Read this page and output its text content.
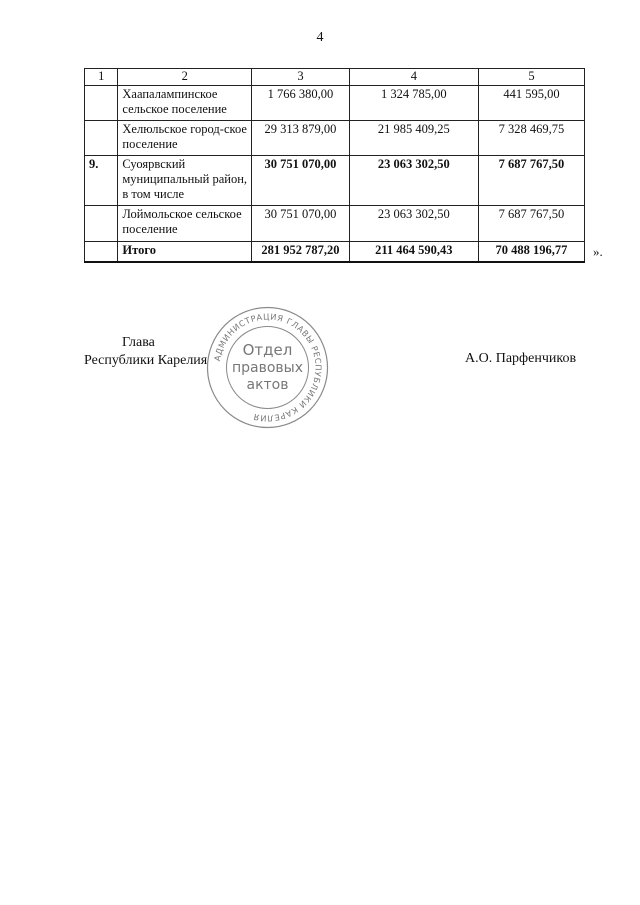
4
1	2	3	4	5
	Хаапалампинское сельское поселение	1 766 380,00	1 324 785,00	441 595,00
	Хелюльское город-ское поселение	29 313 879,00	21 985 409,25	7 328 469,75
9.	Суоярвский муниципальный район, в том числе	30 751 070,00	23 063 302,50	7 687 767,50
	Лоймольское сельское поселение	30 751 070,00	23 063 302,50	7 687 767,50
	Итого	281 952 787,20	211 464 590,43	70 488 196,77 ».
Глава
Республики Карелия	А.О. Парфенчиков
АДМИНИСТРАЦИЯ ГЛАВЫ РЕСПУБЛИКИ КАРЕЛИЯ
Отдел
правовых
актов
